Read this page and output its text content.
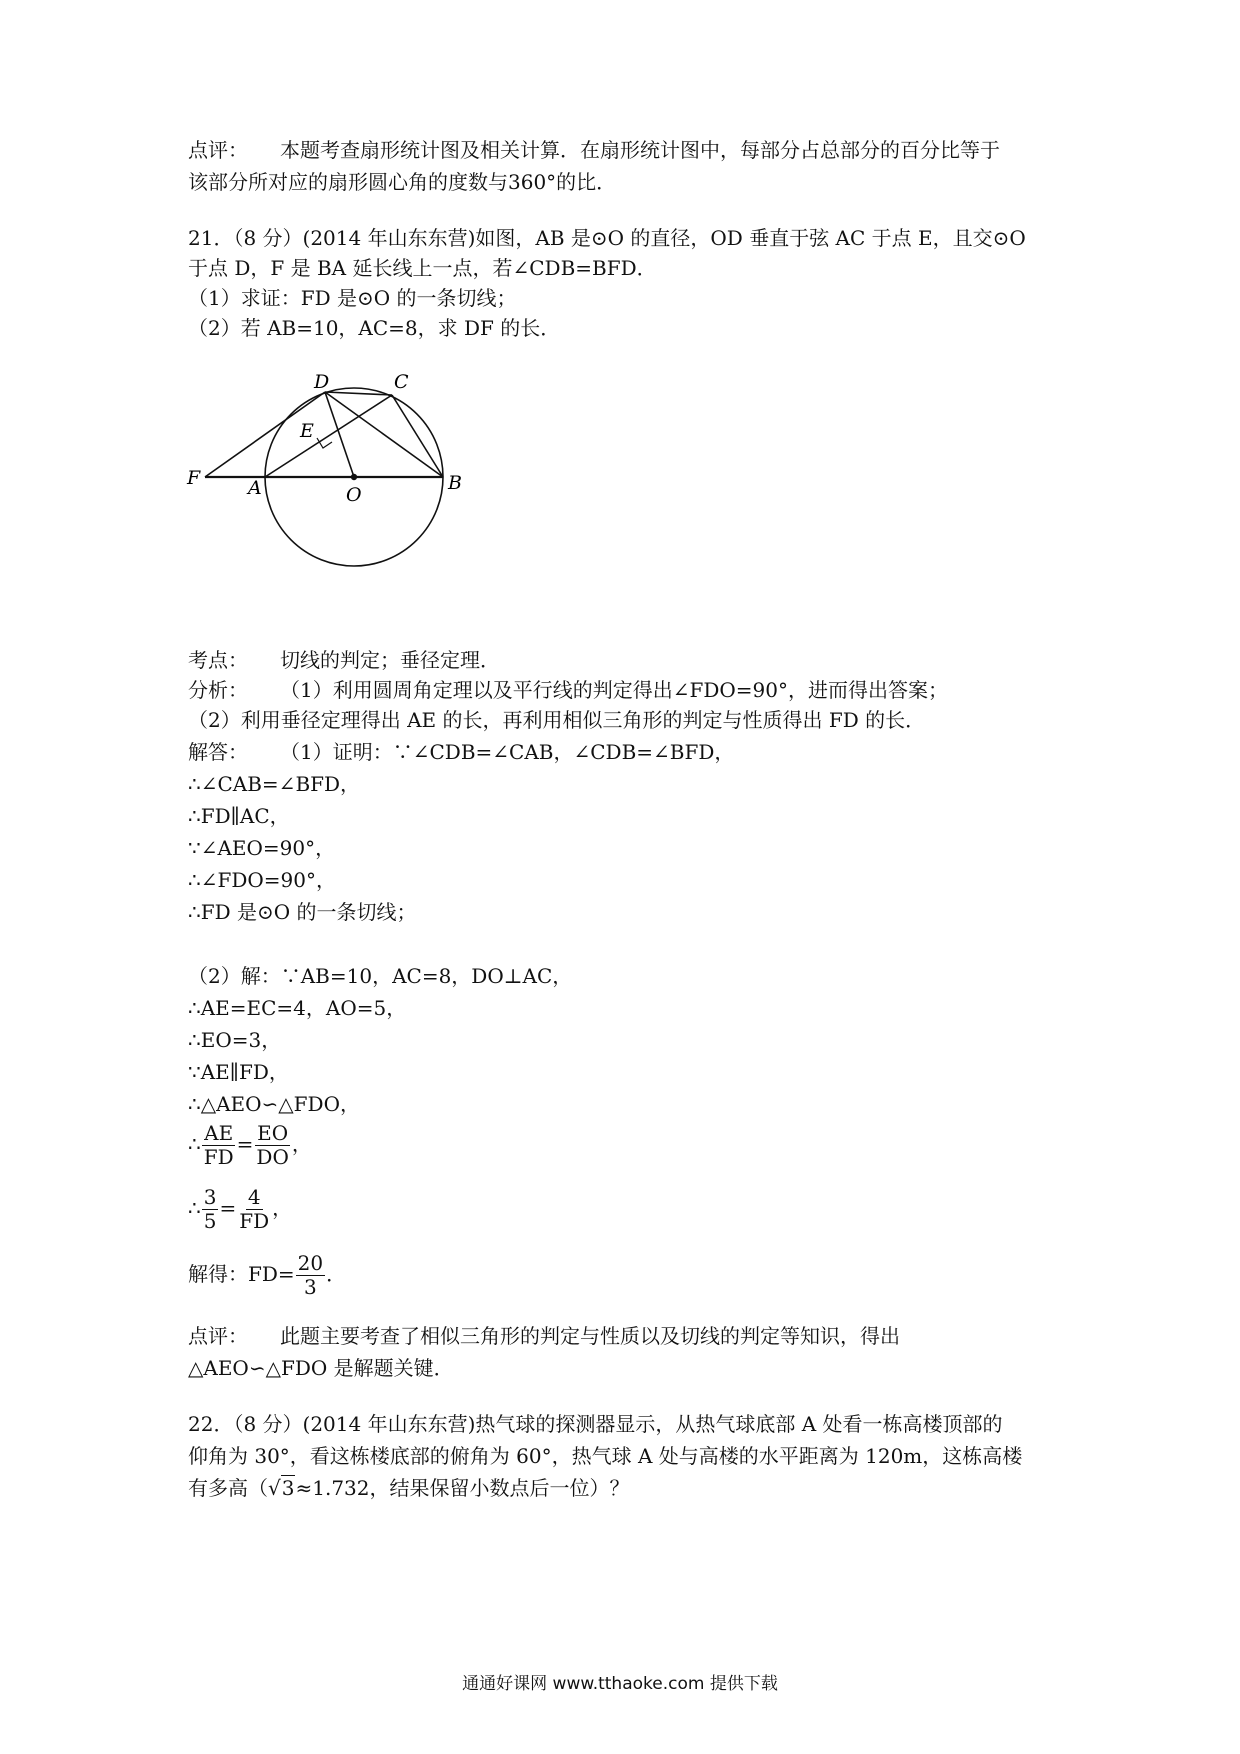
点评： 本题考查扇形统计图及相关计算．在扇形统计图中，每部分占总部分的百分比等于
该部分所对应的扇形圆心角的度数与360°的比．
21．（8 分）(2014 年山东东营)如图，AB 是⊙O 的直径，OD 垂直于弦 AC 于点 E，且交⊙O
于点 D，F 是 BA 延长线上一点，若∠CDB=BFD．
（1）求证：FD 是⊙O 的一条切线；
（2）若 AB=10，AC=8，求 DF 的长．
D	C
E
F	A	O
B
考点： 切线的判定；垂径定理．
分析： （1）利用圆周角定理以及平行线的判定得出∠FDO=90°，进而得出答案；
（2）利用垂径定理得出 AE 的长，再利用相似三角形的判定与性质得出 FD 的长．
解答： （1）证明：∵∠CDB=∠CAB，∠CDB=∠BFD，
∴∠CAB=∠BFD，
∴FD∥AC，
∵∠AEO=90°，
∴∠FDO=90°，
∴FD 是⊙O 的一条切线；
（2）解：∵AB=10，AC=8，DO⊥AC，
∴AE=EC=4，AO=5，
∴EO=3，
∵AE∥FD，
∴△AEO∽△FDO，
∴ $\frac{AE}{FD} = \frac{EO}{DO}$ ，
∴ $\frac{3}{5} = \frac{4}{FD}$ ，
解得：$FD= \frac{20}{3}$ ．
点评： 此题主要考查了相似三角形的判定与性质以及切线的判定等知识，得出
△AEO∽△FDO 是解题关键．
22．（8 分）(2014 年山东东营)热气球的探测器显示，从热气球底部 A 处看一栋高楼顶部的
仰角为 30°，看这栋楼底部的俯角为 60°，热气球 A 处与高楼的水平距离为 120m，这栋高楼
有多高（√3≈1.732，结果保留小数点后一位）？
通通好课网 www.tthaoke.com 提供下载
